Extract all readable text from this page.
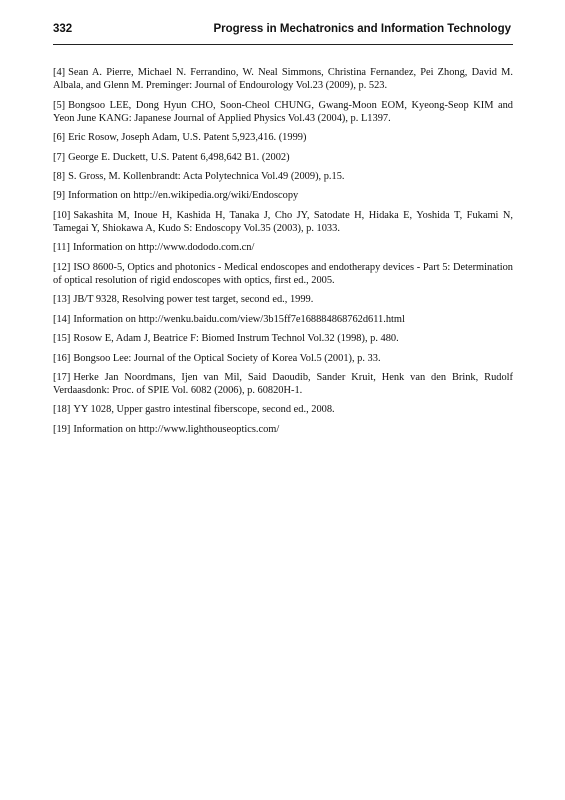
332	Progress in Mechatronics and Information Technology
[4] Sean A. Pierre, Michael N. Ferrandino, W. Neal Simmons, Christina Fernandez, Pei Zhong, David M. Albala, and Glenn M. Preminger: Journal of Endourology Vol.23 (2009), p. 523.
[5] Bongsoo LEE, Dong Hyun CHO, Soon-Cheol CHUNG, Gwang-Moon EOM, Kyeong-Seop KIM and Yeon June KANG: Japanese Journal of Applied Physics Vol.43 (2004), p. L1397.
[6] Eric Rosow, Joseph Adam, U.S. Patent 5,923,416. (1999)
[7] George E. Duckett, U.S. Patent 6,498,642 B1. (2002)
[8] S. Gross, M. Kollenbrandt: Acta Polytechnica Vol.49 (2009), p.15.
[9] Information on http://en.wikipedia.org/wiki/Endoscopy
[10] Sakashita M, Inoue H, Kashida H, Tanaka J, Cho JY, Satodate H, Hidaka E, Yoshida T, Fukami N, Tamegai Y, Shiokawa A, Kudo S: Endoscopy Vol.35 (2003), p. 1033.
[11] Information on http://www.dododo.com.cn/
[12] ISO 8600-5, Optics and photonics - Medical endoscopes and endotherapy devices - Part 5: Determination of optical resolution of rigid endoscopes with optics, first ed., 2005.
[13] JB/T 9328, Resolving power test target, second ed., 1999.
[14] Information on http://wenku.baidu.com/view/3b15ff7e168884868762d611.html
[15] Rosow E, Adam J, Beatrice F: Biomed Instrum Technol Vol.32 (1998), p. 480.
[16] Bongsoo Lee: Journal of the Optical Society of Korea Vol.5 (2001), p. 33.
[17] Herke Jan Noordmans, Ijen van Mil, Said Daoudib, Sander Kruit, Henk van den Brink, Rudolf Verdaasdonk: Proc. of SPIE Vol. 6082 (2006), p. 60820H-1.
[18] YY 1028, Upper gastro intestinal fiberscope, second ed., 2008.
[19] Information on http://www.lighthouseoptics.com/
